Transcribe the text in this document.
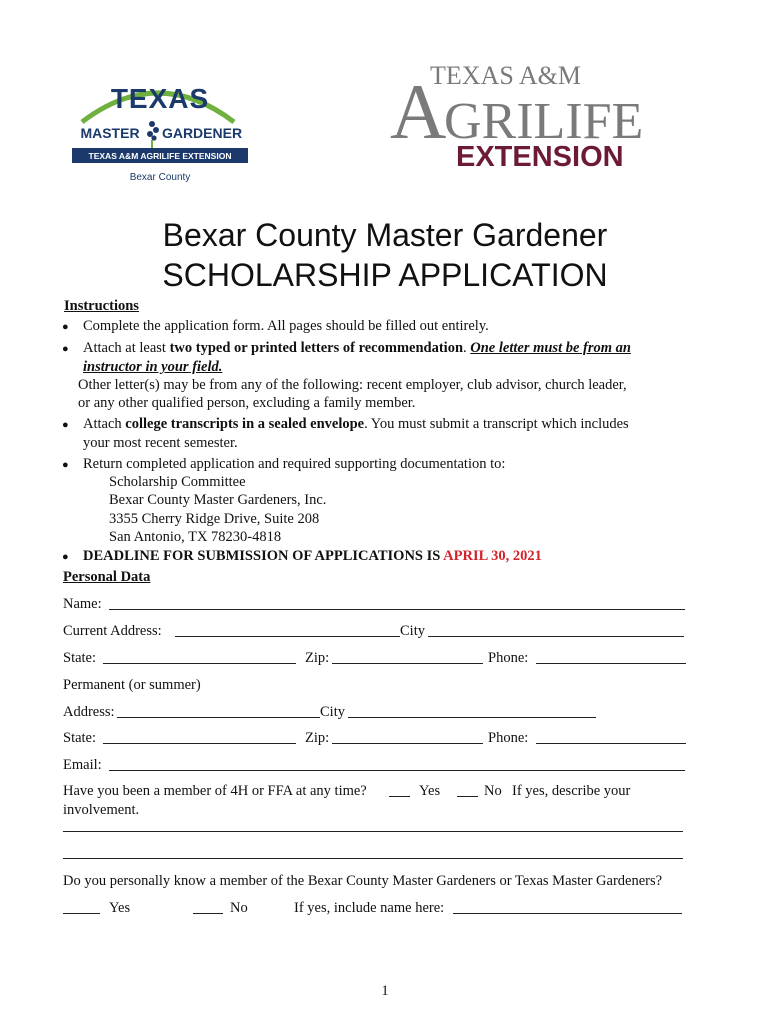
TEXAS
MASTER GARDENER
TEXAS A&M AGRILIFE EXTENSION
Bexar County
TEXAS A&M
A
GRILIFE
EXTENSION
Bexar County Master Gardener
SCHOLARSHIP APPLICATION
Instructions
● Complete the application form. All pages should be filled out entirely.
● Attach at least two typed or printed letters of recommendation. One letter must be from an
instructor in your field.
Other letter(s) may be from any of the following: recent employer, club advisor, church leader,
or any other qualified person, excluding a family member.
● Attach college transcripts in a sealed envelope. You must submit a transcript which includes
your most recent semester.
● Return completed application and required supporting documentation to:
Scholarship Committee
Bexar County Master Gardeners, Inc.
3355 Cherry Ridge Drive, Suite 208
San Antonio, TX 78230-4818
● DEADLINE FOR SUBMISSION OF APPLICATIONS IS APRIL 30, 2021
Personal Data
Name:
Current Address:	City
State:	Zip:	Phone:
Permanent (or summer)
Address:	City
State:	Zip:	Phone:
Email:
Have you been a member of 4H or FFA at any time?	Yes	No If yes, describe your
involvement.
Do you personally know a member of the Bexar County Master Gardeners or Texas Master Gardeners?
Yes	No	If yes, include name here:
1
